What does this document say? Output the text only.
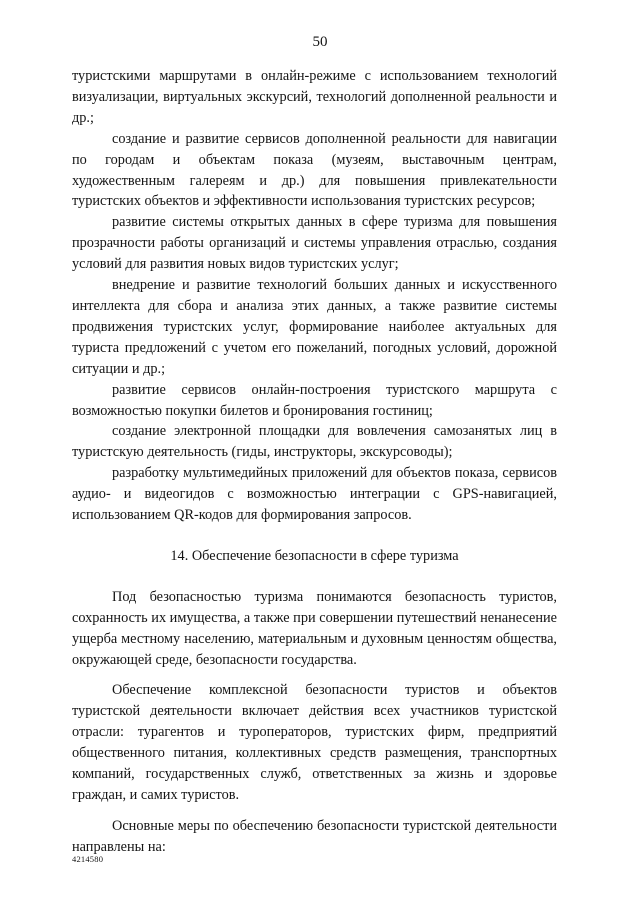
50

туристскими маршрутами в онлайн-режиме с использованием технологий визуализации, виртуальных экскурсий, технологий дополненной реальности и др.;

создание и развитие сервисов дополненной реальности для навигации по городам и объектам показа (музеям, выставочным центрам, художественным галереям и др.) для повышения привлекательности туристских объектов и эффективности использования туристских ресурсов;

развитие системы открытых данных в сфере туризма для повышения прозрачности работы организаций и системы управления отраслью, создания условий для развития новых видов туристских услуг;

внедрение и развитие технологий больших данных и искусственного интеллекта для сбора и анализа этих данных, а также развитие системы продвижения туристских услуг, формирование наиболее актуальных для туриста предложений с учетом его пожеланий, погодных условий, дорожной ситуации и др.;

развитие сервисов онлайн-построения туристского маршрута с возможностью покупки билетов и бронирования гостиниц;

создание электронной площадки для вовлечения самозанятых лиц в туристскую деятельность (гиды, инструкторы, экскурсоводы);

разработку мультимедийных приложений для объектов показа, сервисов аудио- и видеогидов с возможностью интеграции с GPS-навигацией, использованием QR-кодов для формирования запросов.

14. Обеспечение безопасности в сфере туризма

Под безопасностью туризма понимаются безопасность туристов, сохранность их имущества, а также при совершении путешествий ненанесение ущерба местному населению, материальным и духовным ценностям общества, окружающей среде, безопасности государства.

Обеспечение комплексной безопасности туристов и объектов туристской деятельности включает действия всех участников туристской отрасли: турагентов и туроператоров, туристских фирм, предприятий общественного питания, коллективных средств размещения, транспортных компаний, государственных служб, ответственных за жизнь и здоровье граждан, и самих туристов.

Основные меры по обеспечению безопасности туристской деятельности направлены на:

4214580
